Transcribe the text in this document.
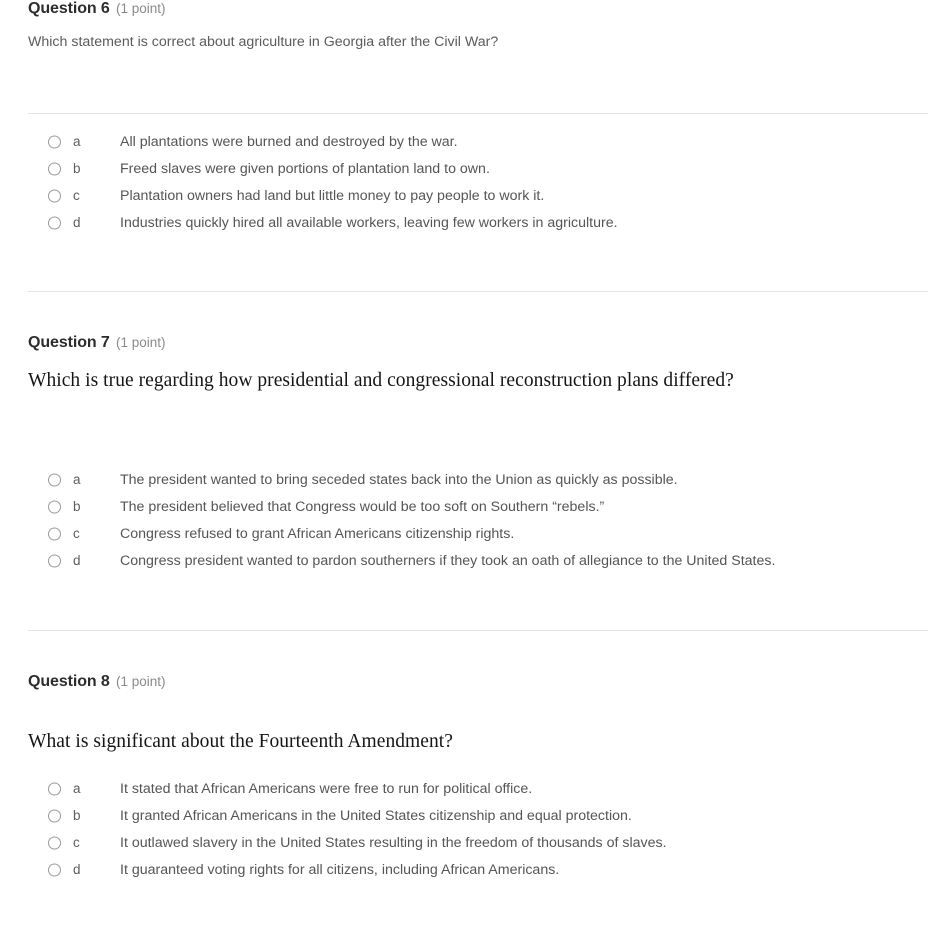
Question 6 (1 point)
Which statement is correct about agriculture in Georgia after the Civil War?
a	All plantations were burned and destroyed by the war.
b	Freed slaves were given portions of plantation land to own.
c	Plantation owners had land but little money to pay people to work it.
d	Industries quickly hired all available workers, leaving few workers in agriculture.
Question 7 (1 point)
Which is true regarding how presidential and congressional reconstruction plans differed?
a	The president wanted to bring seceded states back into the Union as quickly as possible.
b	The president believed that Congress would be too soft on Southern “rebels.”
c	Congress refused to grant African Americans citizenship rights.
d	Congress president wanted to pardon southerners if they took an oath of allegiance to the United States.
Question 8 (1 point)
What is significant about the Fourteenth Amendment?
a	It stated that African Americans were free to run for political office.
b	It granted African Americans in the United States citizenship and equal protection.
c	It outlawed slavery in the United States resulting in the freedom of thousands of slaves.
d	It guaranteed voting rights for all citizens, including African Americans.
